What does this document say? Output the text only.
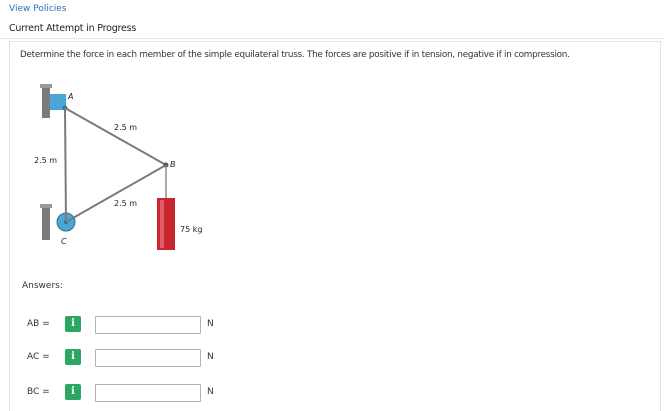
View Policies
Current Attempt in Progress
Determine the force in each member of the simple equilateral truss. The forces are positive if in tension, negative if in compression.
A
B
C
2.5 m
2.5 m
2.5 m
75 kg
Answers:
AB =	i	N
AC =	i	N
BC =	i	N
